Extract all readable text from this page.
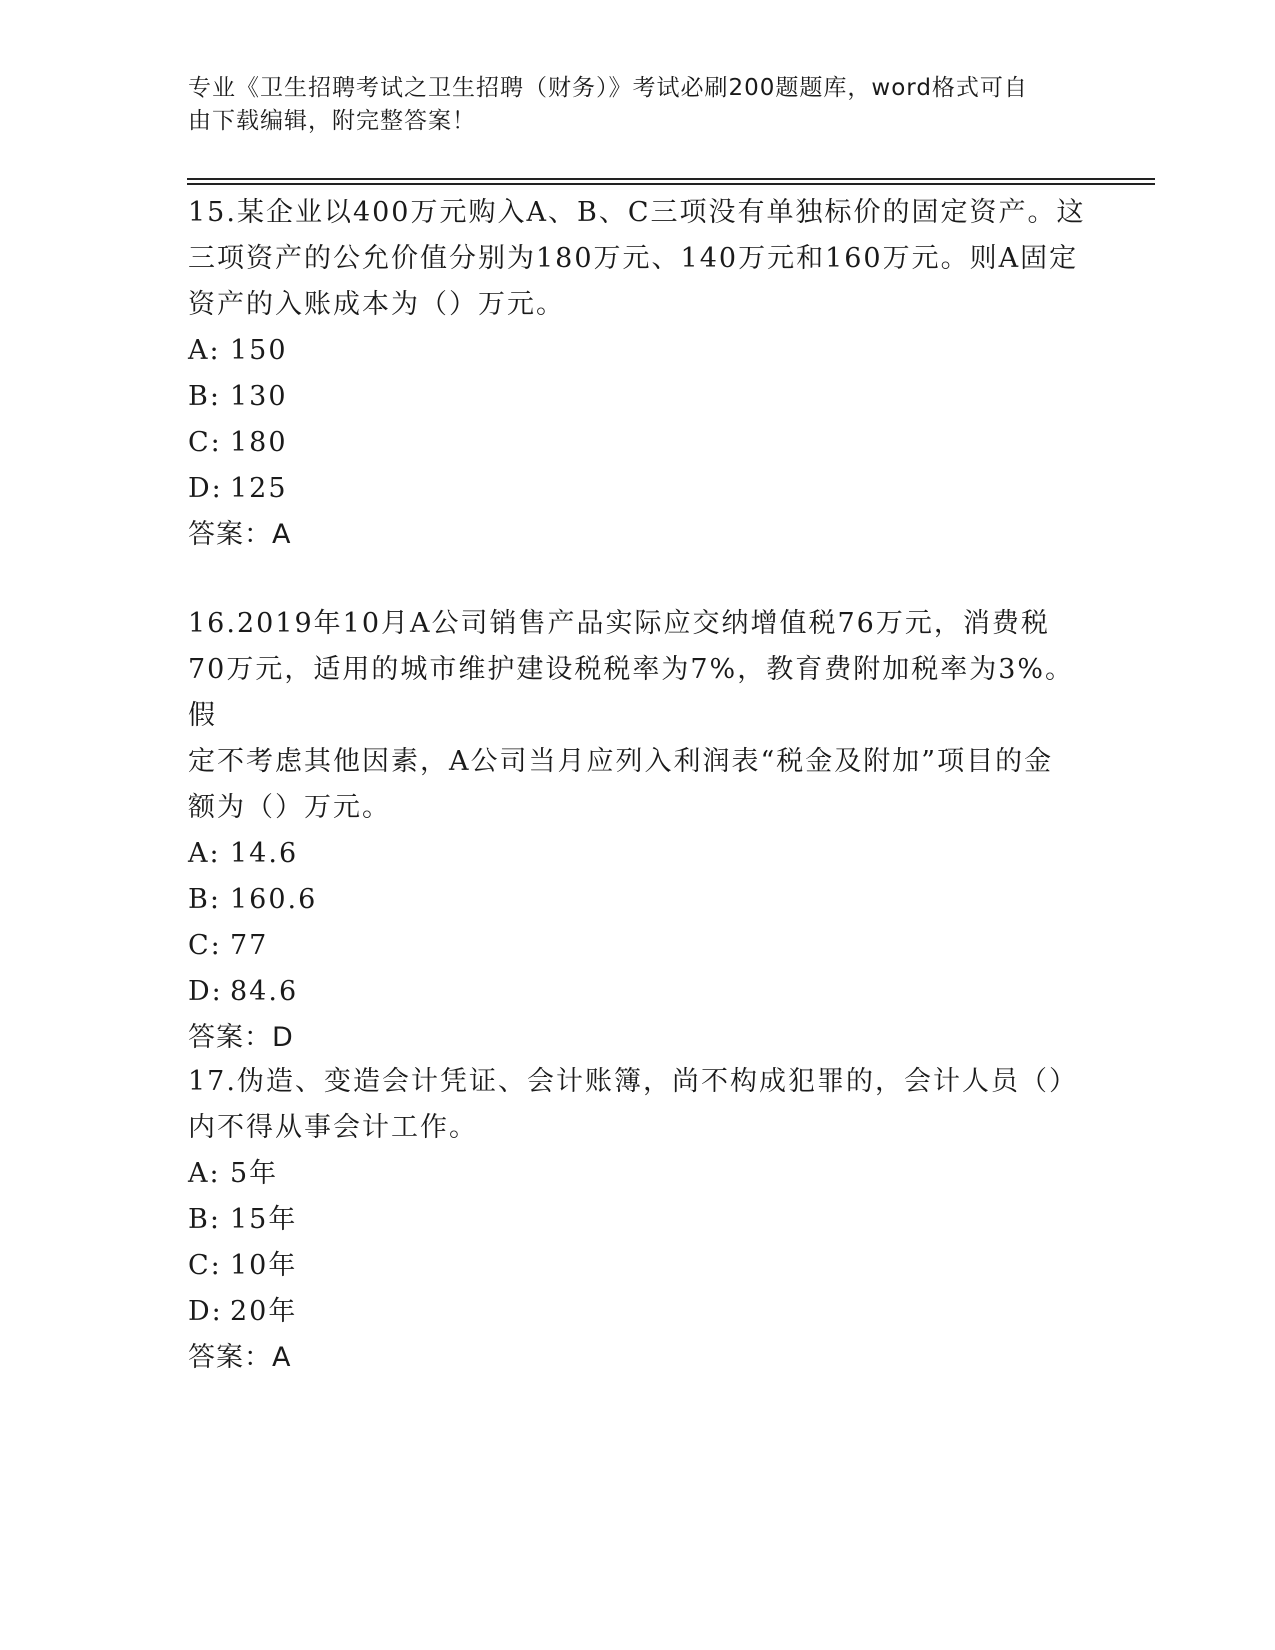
专业《卫生招聘考试之卫生招聘（财务）》考试必刷200题题库，word格式可自
由下载编辑，附完整答案！
15.某企业以400万元购入A、B、C三项没有单独标价的固定资产。这
三项资产的公允价值分别为180万元、140万元和160万元。则A固定
资产的入账成本为（）万元。
A: 150
B: 130
C: 180
D: 125
答案：A
16.2019年10月A公司销售产品实际应交纳增值税76万元，消费税
70万元，适用的城市维护建设税税率为7%，教育费附加税率为3%。假
定不考虑其他因素，A公司当月应列入利润表“税金及附加”项目的金
额为（）万元。
A: 14.6
B: 160.6
C: 77
D: 84.6
答案：D
17.伪造、变造会计凭证、会计账簿，尚不构成犯罪的，会计人员（）
内不得从事会计工作。
A: 5年
B: 15年
C: 10年
D: 20年
答案：A
